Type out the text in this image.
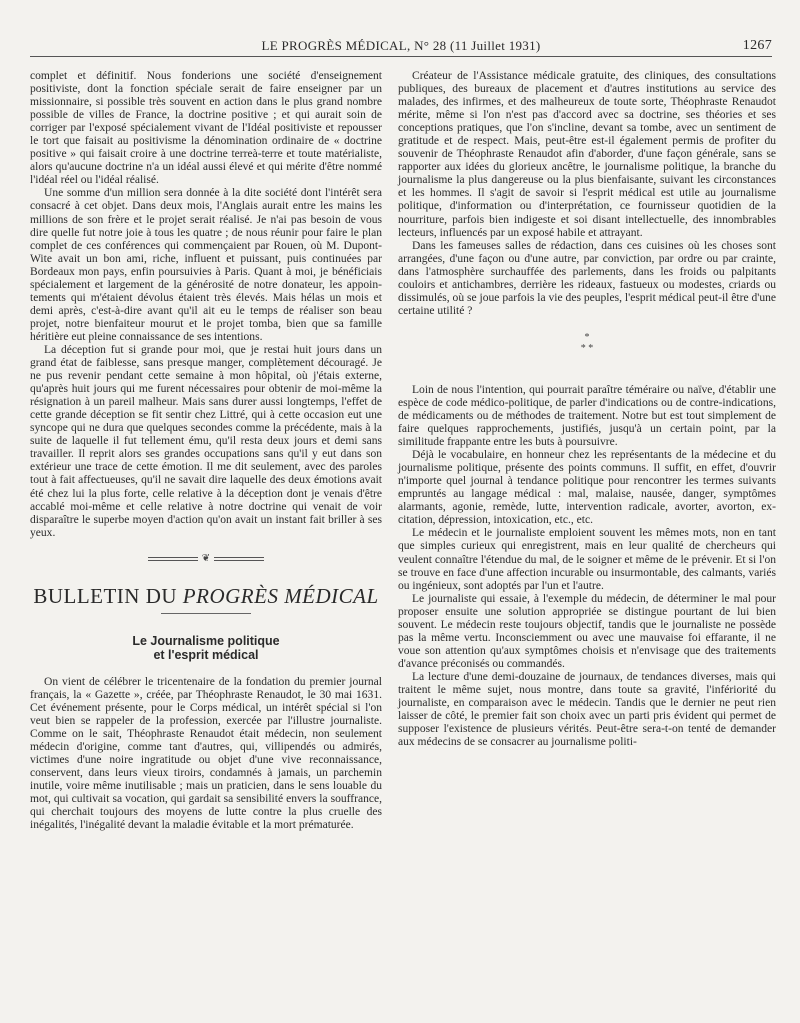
LE PROGRÈS MÉDICAL, N° 28 (11 Juillet 1931)	1267

complet et définitif. Nous fonderions une société d'enseignement positiviste, dont la fonction spéciale serait de faire enseigner par un missionnaire, si possible très souvent en action dans le plus grand nombre possible de villes de France, la doctrine positive ; et qui aurait soin de corriger par l'exposé spécialement vivant de l'Idéal positiviste et repousser le tort que faisait au positivisme la dénomination ordinaire de « doctrine positive » qui faisait croire à une doctrine terreà-terre et toute matérialiste, alors qu'aucune doctrine n'a un idéal aussi élevé et qui mérite d'être nommé l'idéal réel ou l'idéal réalisé.

Une somme d'un million sera donnée à la dite société dont l'intérêt sera consacré à cet objet. Dans deux mois, l'Anglais aurait entre les mains les millions de son frère et le projet serait réalisé. Je n'ai pas besoin de vous dire quelle fut notre joie à tous les quatre ; de nous réunir pour faire le plan complet de ces conférences qui commençaient par Rouen, où M. Dupont-Wite avait un bon ami, riche, influent et puissant, puis continuées par Bordeaux mon pays, enfin poursuivies à Paris. Quant à moi, je bénéficiais spécialement et largement de la générosité de notre donateur, les appointements qui m'étaient dévolus étaient très élevés. Mais hélas un mois et demi après, c'est-à-dire avant qu'il ait eu le temps de réaliser son beau projet, notre bienfaiteur mourut et le projet tomba, bien que sa famille héritière eut pleine connaissance de ses intentions.

La déception fut si grande pour moi, que je restai huit jours dans un grand état de faiblesse, sans presque manger, complètement découragé. Je ne pus revenir pendant cette semaine à mon hôpital, où j'étais externe, qu'après huit jours qui me furent nécessaires pour obtenir de moi-même la résignation à un pareil malheur. Mais sans durer aussi longtemps, l'effet de cette grande déception se fit sentir chez Littré, qui à cette occasion eut une syncope qui ne dura que quelques secondes comme la précédente, mais à la suite de laquelle il fut tellement ému, qu'il resta deux jours et demi sans travailler. Il reprit alors ses grandes occupations sans qu'il y eut dans son extérieur une trace de cette émotion. Il me dit seulement, avec des paroles tout à fait affectueuses, qu'il ne savait dire laquelle des deux émotions avait été chez lui la plus forte, celle relative à la déception dont je venais d'être accablé moi-même et celle relative à notre doctrine qui venait de voir disparaître le superbe moyen d'action qu'on avait un instant fait briller à ses yeux.

❦
BULLETIN DU PROGRÈS MÉDICAL
Le Journalisme politique
et l'esprit médical

On vient de célébrer le tricentenaire de la fondation du premier journal français, la « Gazette », créée, par Théophraste Renaudot, le 30 mai 1631. Cet événement présente, pour le Corps médical, un intérêt spécial si l'on veut bien se rappeler de la profession, exercée par l'illustre journaliste. Comme on le sait, Théophraste Renaudot était médecin, non seulement médecin d'origine, comme tant d'autres, qui, villipendés ou admirés, victimes d'une noire ingratitude ou objet d'une vive reconnaissance, conservent, dans leurs vieux tiroirs, condamnés à jamais, un parchemin inutile, voire même inutilisable ; mais un praticien, dans le sens louable du mot, qui cultivait sa vocation, qui gardait sa sensibilité envers la souffrance, qui cherchait toujours des moyens de lutte contre la plus cruelle des inégalités, l'inégalité devant la maladie évitable et la mort prématurée.

Créateur de l'Assistance médicale gratuite, des cliniques, des consultations publiques, des bureaux de placement et d'autres institutions au service des malades, des infirmes, et des malheureux de toute sorte, Théophraste Renaudot mérite, même si l'on n'est pas d'accord avec sa doctrine, ses théories et ses conceptions pratiques, que l'on s'incline, devant sa tombe, avec un sentiment de gratitude et de respect. Mais, peut-être est-il également permis de profiter du souvenir de Théophraste Renaudot afin d'aborder, d'une façon générale, sans se rapporter aux idées du glorieux ancêtre, le journalisme politique, la branche du journalisme la plus dangereuse ou la plus bienfaisante, suivant les circonstances et les hommes. Il s'agit de savoir si l'esprit médical est utile au journalisme politique, d'information ou d'interprétation, ce fournisseur quotidien de la nourriture, parfois bien indigeste et soi disant intellectuelle, des innombrables lecteurs, influencés par un exposé habile et attrayant.

Dans les fameuses salles de rédaction, dans ces cuisines où les choses sont arrangées, d'une façon ou d'une autre, par conviction, par ordre ou par crainte, dans l'atmosphère surchauffée des parlements, dans les froids ou palpitants couloirs et antichambres, derrière les rideaux, fastueux ou modestes, criards ou dissimulés, où se joue parfois la vie des peuples, l'esprit médical peut-il être d'une certaine utilité ?

*
* *

Loin de nous l'intention, qui pourrait paraître téméraire ou naïve, d'établir une espèce de code médico-politique, de parler d'indications ou de contre-indications, de médicaments ou de méthodes de traitement. Notre but est tout simplement de faire quelques rapprochements, justifiés, jusqu'à un certain point, par la similitude frappante entre les buts à poursuivre.

Déjà le vocabulaire, en honneur chez les représentants de la médecine et du journalisme politique, présente des points communs. Il suffit, en effet, d'ouvrir n'importe quel journal à tendance politique pour rencontrer les termes suivants empruntés au langage médical : mal, malaise, nausée, danger, symptômes alarmants, agonie, remède, lutte, intervention radicale, avorter, avorton, excitation, dépression, intoxication, etc., etc.

Le médecin et le journaliste emploient souvent les mêmes mots, non en tant que simples curieux qui enregistrent, mais en leur qualité de chercheurs qui veulent connaître l'étendue du mal, de le soigner et même de le prévenir. Et si l'on se trouve en face d'une affection incurable ou insurmontable, des calmants, variés ou ingénieux, sont adoptés par l'un et l'autre.

Le journaliste qui essaie, à l'exemple du médecin, de déterminer le mal pour proposer ensuite une solution appropriée se distingue pourtant de lui bien souvent. Le médecin reste toujours objectif, tandis que le journaliste ne possède pas la même vertu. Inconsciemment ou avec une mauvaise foi effarante, il ne voue son attention qu'aux symptômes choisis et n'envisage que des traitements d'avance préconisés ou commandés.

La lecture d'une demi-douzaine de journaux, de tendances diverses, mais qui traitent le même sujet, nous montre, dans toute sa gravité, l'infériorité du journaliste, en comparaison avec le médecin. Tandis que le dernier ne peut rien laisser de côté, le premier fait son choix avec un parti pris évident qui permet de supposer l'existence de plusieurs vérités. Peut-être sera-t-on tenté de demander aux médecins de se consacrer au journalisme politi-
